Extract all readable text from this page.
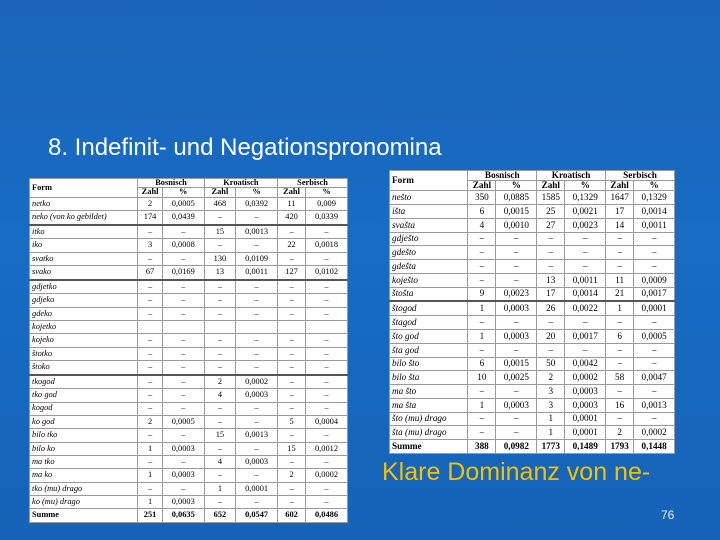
8. Indefinit- und Negationspronomina
Form	Bosnisch		Kroatisch		Serbisch	
	Zahl	%	Zahl	%	Zahl	%
netko	2	0,0005	468	0,0392	11	0,009
neko (von ko gebildet)	174	0,0439	–	–	420	0,0339
itko	–	–	15	0,0013	–	–
iko	3	0,0008	–	–	22	0,0018
svatko	–	–	130	0,0109	–	–
svako	67	0,0169	13	0,0011	127	0,0102
gdjetko	–	–	–	–	–	–
gdjeko	–	–	–	–	–	–
gdeko	–	–	–	–	–	–
kojetko						
kojeko	–	–	–	–	–	–
štotko	–	–	–	–	–	–
štoko	–	–	–	–	–	–
tkogod	–	–	2	0,0002	–	–
tko god	–	–	4	0,0003	–	–
kogod	–	–	–	–	–	–
ko god	2	0,0005	–	–	5	0,0004
bilo tko	–	–	15	0,0013	–	–
bilo ko	1	0,0003	–	–	15	0,0012
ma tko	–	–	4	0,0003	–	–
ma ko	1	0,0003	–	–	2	0,0002
tko (mu) drago	–	–	1	0,0001	–	–
ko (mu) drago	1	0,0003	–	–	–	–
Summe	251	0,0635	652	0,0547	602	0,0486
Form	Bosnisch		Kroatisch		Serbisch	
	Zahl	%	Zahl	%	Zahl	%
nešto	350	0,0885	1585	0,1329	1647	0,1329
išta	6	0,0015	25	0,0021	17	0,0014
svašta	4	0,0010	27	0,0023	14	0,0011
gdješto	–	–	–	–	–	–
gdešto	–	–	–	–	–	–
gdešta	–	–	–	–	–	–
koješto	–	–	13	0,0011	11	0,0009
štošta	9	0,0023	17	0,0014	21	0,0017
štogod	1	0,0003	26	0,0022	1	0,0001
štagod	–	–	–	–	–	–
što god	1	0,0003	20	0,0017	6	0,0005
šta god	–	–	–	–	–	–
bilo što	6	0,0015	50	0,0042	–	–
bilo šta	10	0,0025	2	0,0002	58	0,0047
ma što	–	–	3	0,0003	–	–
ma šta	1	0,0003	3	0,0003	16	0,0013
što (mu) drago	–	–	1	0,0001	–	–
šta (mu) drago	–	–	1	0,0001	2	0,0002
Summe	388	0,0982	1773	0,1489	1793	0,1448
Klare Dominanz von ne-
76
